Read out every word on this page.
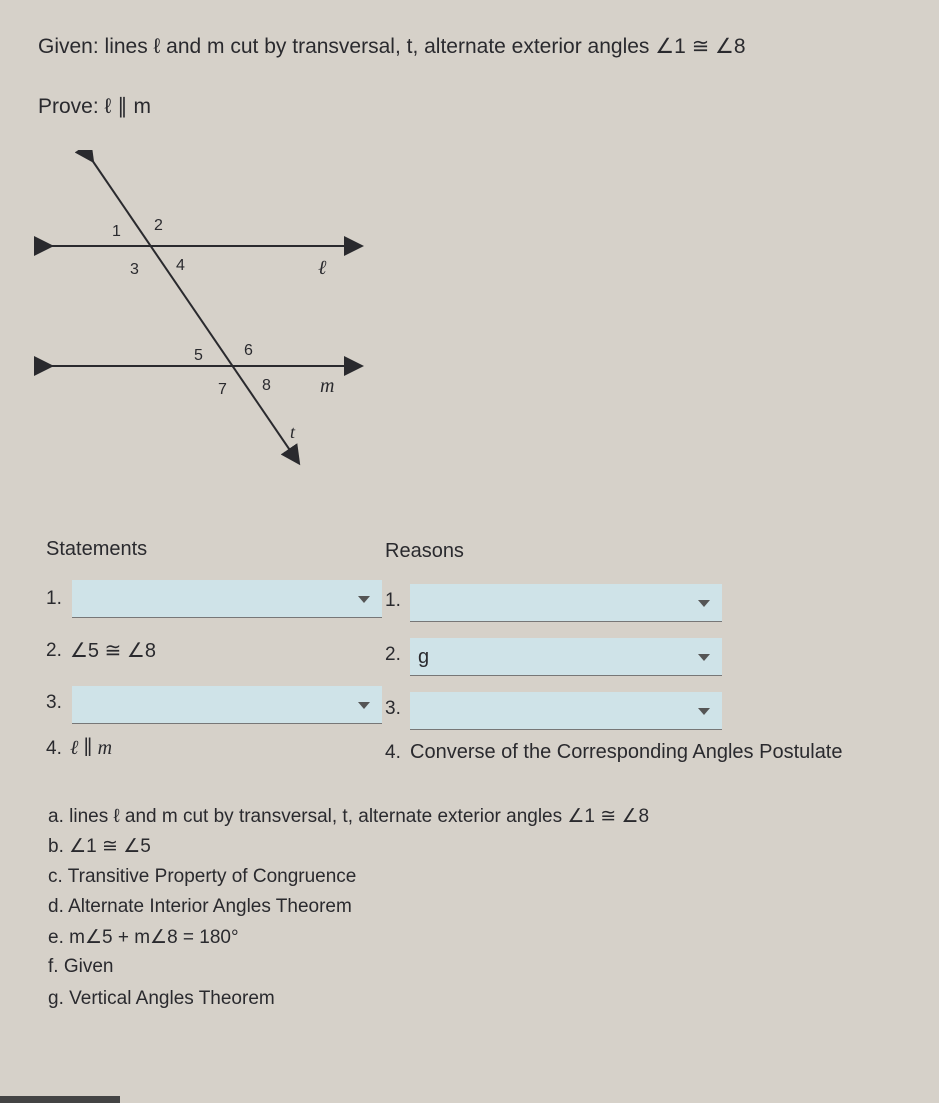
Given: lines ℓ and m cut by transversal, t, alternate exterior angles ∠1 ≅ ∠8
Prove: ℓ ∥ m
1 2
3 4
5	6
7 8
ℓ
m
t
Statements	Reasons
1.	1.
2. ∠5 ≅ ∠8	2. g
3.	3.
4. ℓ ∥ m	4. Converse of the Corresponding Angles Postulate
a. lines ℓ and m cut by transversal, t, alternate exterior angles ∠1 ≅ ∠8
b. ∠1 ≅ ∠5
c. Transitive Property of Congruence
d. Alternate Interior Angles Theorem
e. m∠5 + m∠8 = 180°
f. Given
g. Vertical Angles Theorem
